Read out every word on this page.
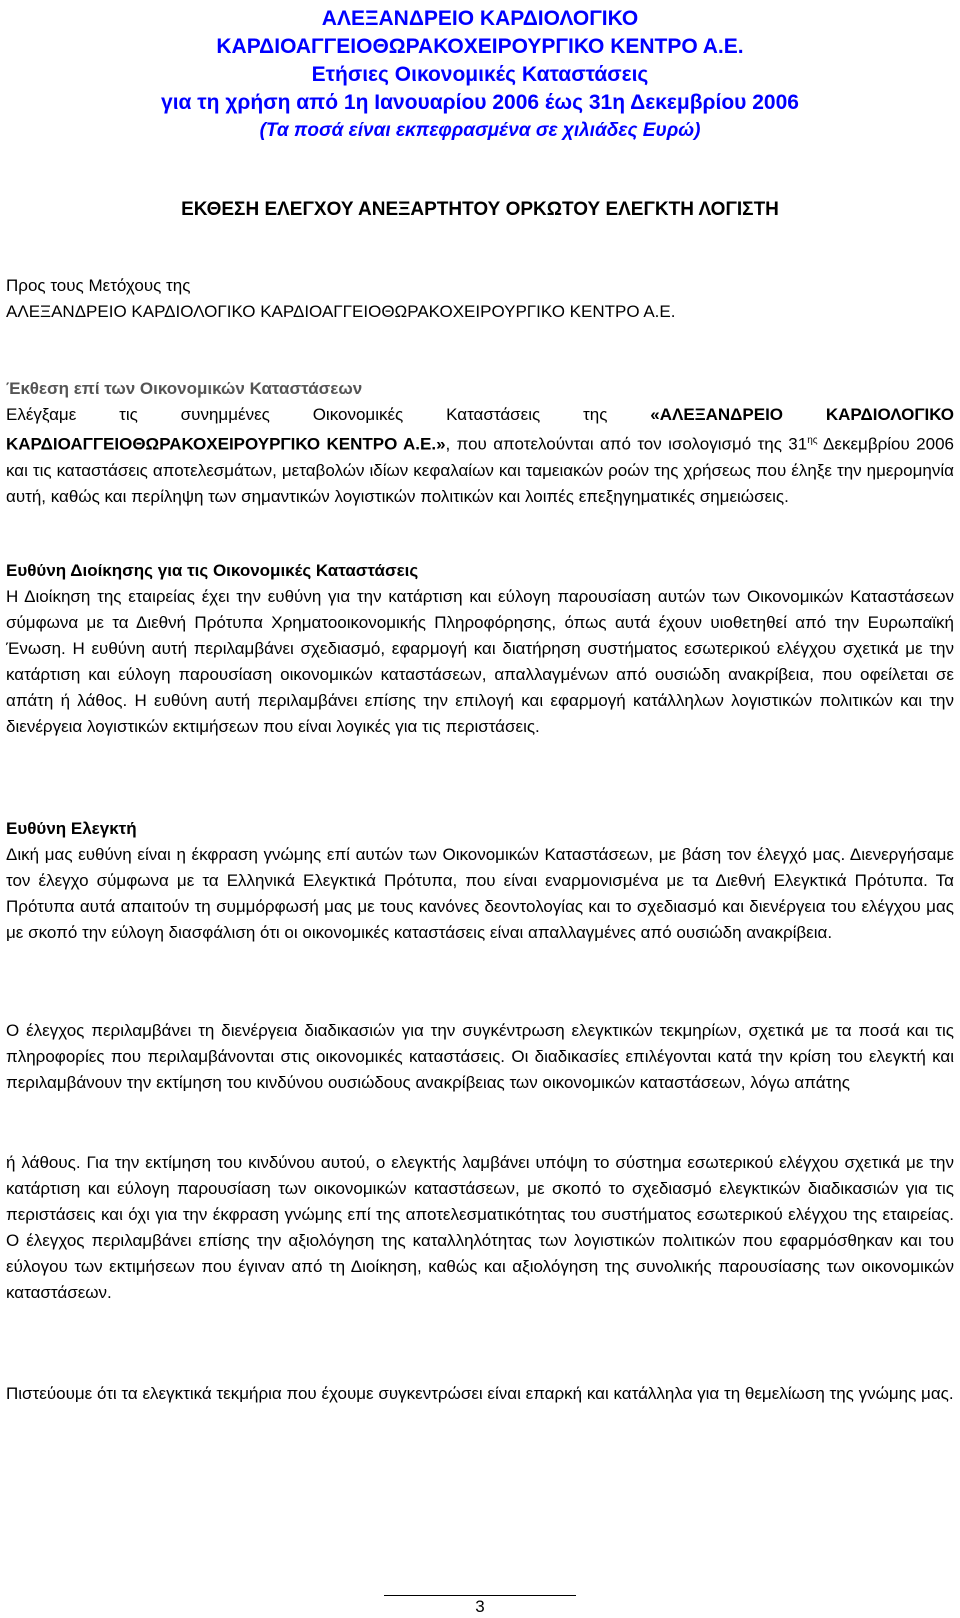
ΑΛΕΞΑΝΔΡΕΙΟ ΚΑΡΔΙΟΛΟΓΙΚΟ
ΚΑΡΔΙΟΑΓΓΕΙΟΘΩΡΑΚΟΧΕΙΡΟΥΡΓΙΚΟ ΚΕΝΤΡΟ Α.Ε.
Ετήσιες Οικονομικές Καταστάσεις
για τη χρήση από 1η Ιανουαρίου 2006 έως 31η Δεκεμβρίου 2006
(Τα ποσά είναι εκπεφρασμένα σε χιλιάδες Ευρώ)
ΕΚΘΕΣΗ ΕΛΕΓΧΟΥ ΑΝΕΞΑΡΤΗΤΟΥ ΟΡΚΩΤΟΥ ΕΛΕΓΚΤΗ ΛΟΓΙΣΤΗ
Προς τους Μετόχους της
ΑΛΕΞΑΝΔΡΕΙΟ ΚΑΡΔΙΟΛΟΓΙΚΟ ΚΑΡΔΙΟΑΓΓΕΙΟΘΩΡΑΚΟΧΕΙΡΟΥΡΓΙΚΟ ΚΕΝΤΡΟ Α.Ε.
Έκθεση επί των Οικονομικών Καταστάσεων
Ελέγξαμε τις συνημμένες Οικονομικές Καταστάσεις της «ΑΛΕΞΑΝΔΡΕΙΟ ΚΑΡΔΙΟΛΟΓΙΚΟ ΚΑΡΔΙΟΑΓΓΕΙΟΘΩΡΑΚΟΧΕΙΡΟΥΡΓΙΚΟ ΚΕΝΤΡΟ Α.Ε.», που αποτελούνται από τον ισολογισμό της $31^{\eta\varsigma}$ Δεκεμβρίου 2006 και τις καταστάσεις αποτελεσμάτων, μεταβολών ιδίων κεφαλαίων και ταμειακών ροών της χρήσεως που έληξε την ημερομηνία αυτή, καθώς και περίληψη των σημαντικών λογιστικών πολιτικών και λοιπές επεξηγηματικές σημειώσεις.
Ευθύνη Διοίκησης για τις Οικονομικές Καταστάσεις
Η Διοίκηση της εταιρείας έχει την ευθύνη για την κατάρτιση και εύλογη παρουσίαση αυτών των Οικονομικών Καταστάσεων σύμφωνα με τα Διεθνή Πρότυπα Χρηματοοικονομικής Πληροφόρησης, όπως αυτά έχουν υιοθετηθεί από την Ευρωπαϊκή Ένωση. Η ευθύνη αυτή περιλαμβάνει σχεδιασμό, εφαρμογή και διατήρηση συστήματος εσωτερικού ελέγχου σχετικά με την κατάρτιση και εύλογη παρουσίαση οικονομικών καταστάσεων, απαλλαγμένων από ουσιώδη ανακρίβεια, που οφείλεται σε απάτη ή λάθος. Η ευθύνη αυτή περιλαμβάνει επίσης την επιλογή και εφαρμογή κατάλληλων λογιστικών πολιτικών και την διενέργεια λογιστικών εκτιμήσεων που είναι λογικές για τις περιστάσεις.
Ευθύνη Ελεγκτή
Δική μας ευθύνη είναι η έκφραση γνώμης επί αυτών των Οικονομικών Καταστάσεων, με βάση τον έλεγχό μας. Διενεργήσαμε τον έλεγχο σύμφωνα με τα Ελληνικά Ελεγκτικά Πρότυπα, που είναι εναρμονισμένα με τα Διεθνή Ελεγκτικά Πρότυπα. Τα Πρότυπα αυτά απαιτούν τη συμμόρφωσή μας με τους κανόνες δεοντολογίας και το σχεδιασμό και διενέργεια του ελέγχου μας με σκοπό την εύλογη διασφάλιση ότι οι οικονομικές καταστάσεις είναι απαλλαγμένες από ουσιώδη ανακρίβεια.
Ο έλεγχος περιλαμβάνει τη διενέργεια διαδικασιών για την συγκέντρωση ελεγκτικών τεκμηρίων, σχετικά με τα ποσά και τις πληροφορίες που περιλαμβάνονται στις οικονομικές καταστάσεις. Οι διαδικασίες επιλέγονται κατά την κρίση του ελεγκτή και περιλαμβάνουν την εκτίμηση του κινδύνου ουσιώδους ανακρίβειας των οικονομικών καταστάσεων, λόγω απάτης
ή λάθους. Για την εκτίμηση του κινδύνου αυτού, ο ελεγκτής λαμβάνει υπόψη το σύστημα εσωτερικού ελέγχου σχετικά με την κατάρτιση και εύλογη παρουσίαση των οικονομικών καταστάσεων, με σκοπό το σχεδιασμό ελεγκτικών διαδικασιών για τις περιστάσεις και όχι για την έκφραση γνώμης επί της αποτελεσματικότητας του συστήματος εσωτερικού ελέγχου της εταιρείας. Ο έλεγχος περιλαμβάνει επίσης την αξιολόγηση της καταλληλότητας των λογιστικών πολιτικών που εφαρμόσθηκαν και του εύλογου των εκτιμήσεων που έγιναν από τη Διοίκηση, καθώς και αξιολόγηση της συνολικής παρουσίασης των οικονομικών καταστάσεων.
Πιστεύουμε ότι τα ελεγκτικά τεκμήρια που έχουμε συγκεντρώσει είναι επαρκή και κατάλληλα για τη θεμελίωση της γνώμης μας.
3
